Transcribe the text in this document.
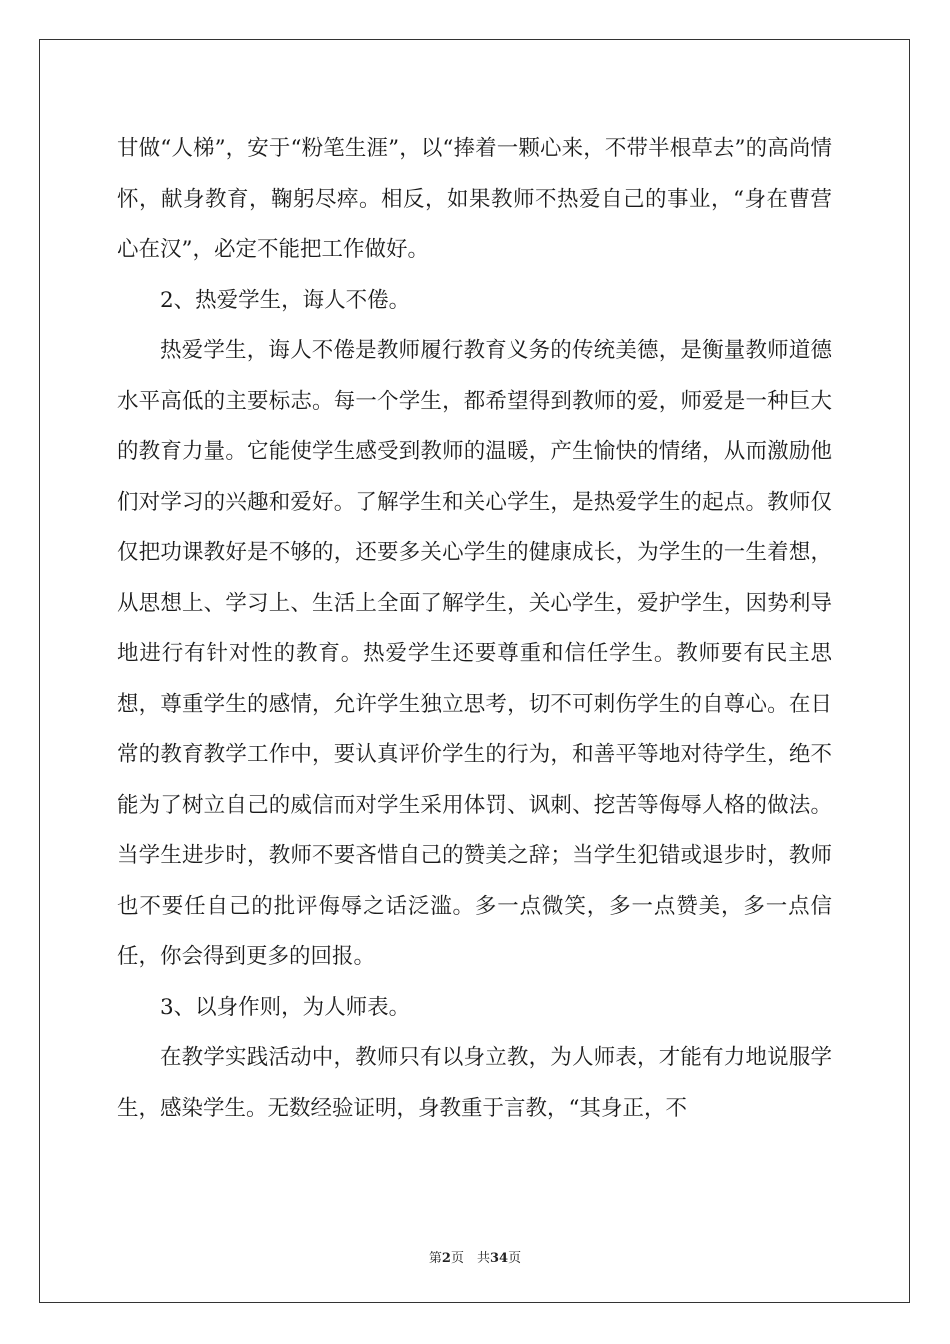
甘做“人梯”，安于“粉笔生涯”，以“捧着一颗心来，不带半根草去”的高尚情怀，献身教育，鞠躬尽瘁。相反，如果教师不热爱自己的事业，“身在曹营心在汉”，必定不能把工作做好。

2、热爱学生，诲人不倦。

热爱学生，诲人不倦是教师履行教育义务的传统美德，是衡量教师道德水平高低的主要标志。每一个学生，都希望得到教师的爱，师爱是一种巨大的教育力量。它能使学生感受到教师的温暖，产生愉快的情绪，从而激励他们对学习的兴趣和爱好。了解学生和关心学生，是热爱学生的起点。教师仅仅把功课教好是不够的，还要多关心学生的健康成长，为学生的一生着想，从思想上、学习上、生活上全面了解学生，关心学生，爱护学生，因势利导地进行有针对性的教育。热爱学生还要尊重和信任学生。教师要有民主思想，尊重学生的感情，允许学生独立思考，切不可刺伤学生的自尊心。在日常的教育教学工作中，要认真评价学生的行为，和善平等地对待学生，绝不能为了树立自己的威信而对学生采用体罚、讽刺、挖苦等侮辱人格的做法。当学生进步时，教师不要吝惜自己的赞美之辞；当学生犯错或退步时，教师也不要任自己的批评侮辱之话泛滥。多一点微笑，多一点赞美，多一点信任，你会得到更多的回报。

3、以身作则，为人师表。

在教学实践活动中，教师只有以身立教，为人师表，才能有力地说服学生，感染学生。无数经验证明，身教重于言教，“其身正，不

第2页　共34页
